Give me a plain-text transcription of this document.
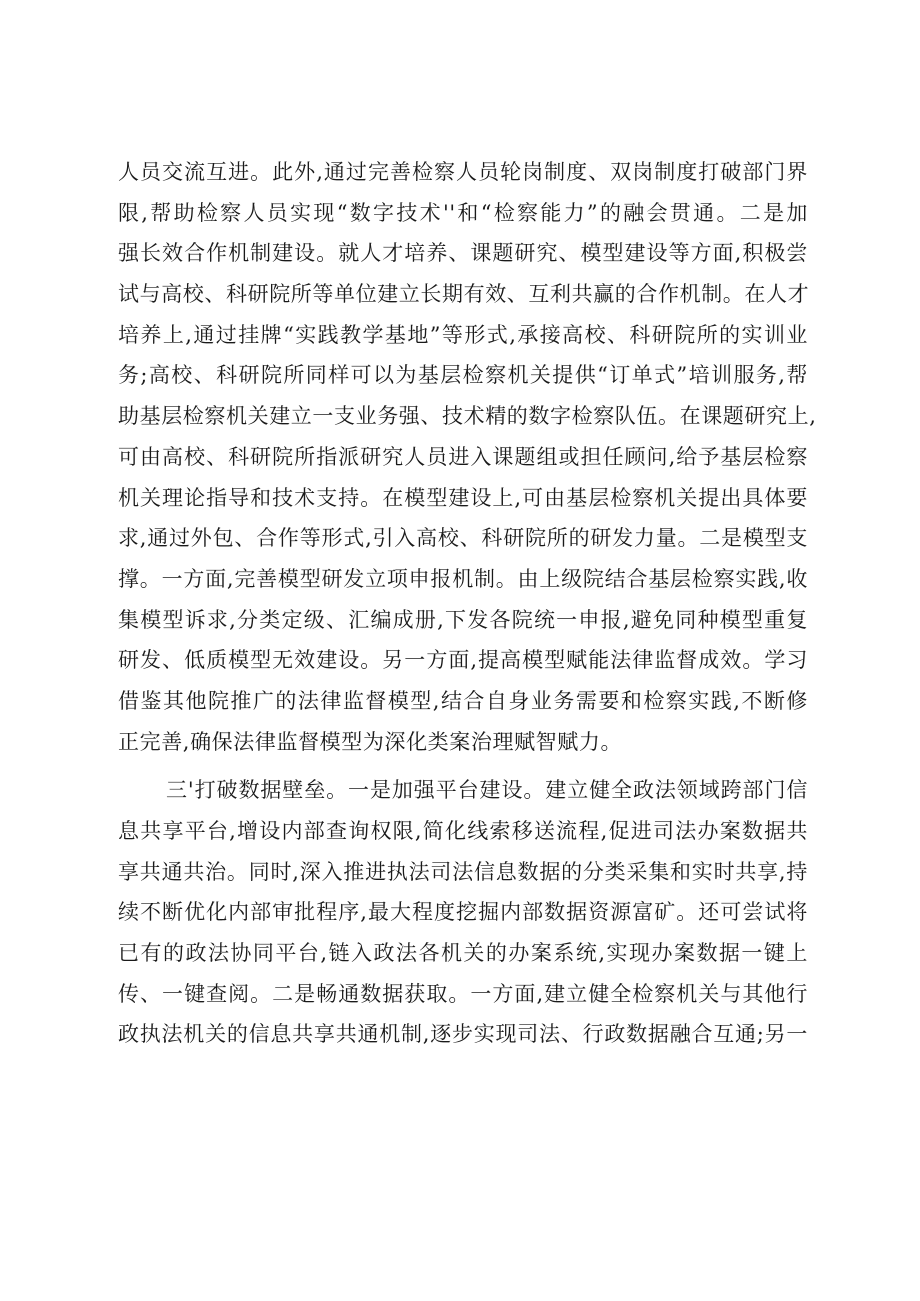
人员交流互进。此外,通过完善检察人员轮岗制度、双岗制度打破部门界
限,帮助检察人员实现“数字技术''和“检察能力”的融会贯通。二是加
强长效合作机制建设。就人才培养、课题研究、模型建设等方面,积极尝
试与高校、科研院所等单位建立长期有效、互利共赢的合作机制。在人才
培养上,通过挂牌“实践教学基地”等形式,承接高校、科研院所的实训业
务;高校、科研院所同样可以为基层检察机关提供“订单式”培训服务,帮
助基层检察机关建立一支业务强、技术精的数字检察队伍。在课题研究上,
可由高校、科研院所指派研究人员进入课题组或担任顾问,给予基层检察
机关理论指导和技术支持。在模型建设上,可由基层检察机关提出具体要
求,通过外包、合作等形式,引入高校、科研院所的研发力量。二是模型支
撑。一方面,完善模型研发立项申报机制。由上级院结合基层检察实践,收
集模型诉求,分类定级、汇编成册,下发各院统一申报,避免同种模型重复
研发、低质模型无效建设。另一方面,提高模型赋能法律监督成效。学习
借鉴其他院推广的法律监督模型,结合自身业务需要和检察实践,不断修
正完善,确保法律监督模型为深化类案治理赋智赋力。
三'打破数据壁垒。一是加强平台建设。建立健全政法领域跨部门信
息共享平台,增设内部查询权限,简化线索移送流程,促进司法办案数据共
享共通共治。同时,深入推进执法司法信息数据的分类采集和实时共享,持
续不断优化内部审批程序,最大程度挖掘内部数据资源富矿。还可尝试将
已有的政法协同平台,链入政法各机关的办案系统,实现办案数据一键上
传、一键查阅。二是畅通数据获取。一方面,建立健全检察机关与其他行
政执法机关的信息共享共通机制,逐步实现司法、行政数据融合互通;另一
